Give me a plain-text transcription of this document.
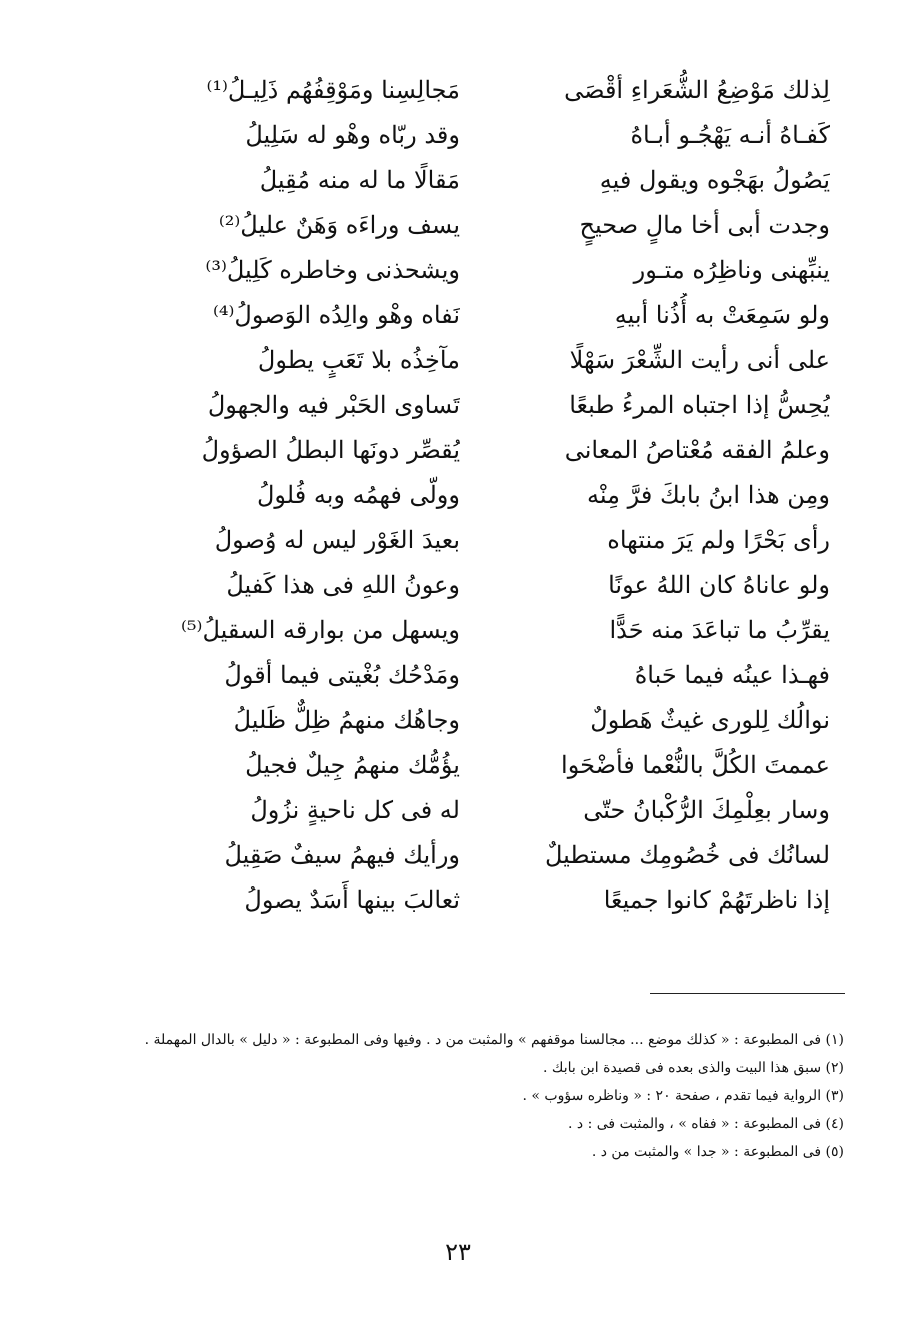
لِذلك مَوْضِعُ الشُّعَراءِ أقْصَى
مَجالِسِنا ومَوْقِفُهُم ذَلِيـلُ⁽¹⁾
كَفـاهُ أنـه يَهْجُـو أبـاهُ
وقد ربّاه وهْو له سَلِيلُ
يَصُولُ بهَجْوه ويقول فيهِ
مَقالًا ما له منه مُقِيلُ
وجدت أبى أخا مالٍ صحيحٍ
يسف وراءَه وَهَنٌ عليلُ⁽²⁾
ينبِّهنى وناظِرُه متـور
ويشحذنى وخاطره كَلِيلُ⁽³⁾
ولو سَمِعَتْ به أُذُنا أبيهِ
نَفاه وهْو والِدُه الوَصولُ⁽⁴⁾
على أنى رأيت الشِّعْرَ سَهْلًا
مآخِذُه بلا تَعَبٍ يطولُ
يُحِسُّ إذا اجتباه المرءُ طبعًا
تَساوى الحَبْر فيه والجهولُ
وعلمُ الفقه مُعْتاصُ المعانى
يُقصِّر دونَها البطلُ الصؤولُ
ومِن هذا ابنُ بابكَ فرَّ مِنْه
وولّى فهمُه وبه فُلولُ
رأى بَحْرًا ولم يَرَ منتهاه
بعيدَ الغَوْر ليس له وُصولُ
ولو عاناهُ كان اللهُ عونًا
وعونُ اللهِ فى هذا كَفيلُ
يقرِّبُ ما تباعَدَ منه حَدًّا
ويسهل من بوارقه السقيلُ⁽⁵⁾
فهـذا عينُه فيما حَباهُ
ومَدْحُك بُغْيتى فيما أقولُ
نوالُك لِلورى غيثٌ هَطولٌ
وجاهُك منهمُ ظِلٌّ ظَليلُ
عممتَ الكُلَّ بالنُّعْما فأضْحَوا
يؤُمُّك منهمُ جِيلٌ فجيلُ
وسار بعِلْمِكَ الرُّكْبانُ حتّى
له فى كل ناحيةٍ نزُولُ
لسانُك فى خُصُومِك مستطيلٌ
ورأيك فيهمُ سيفٌ صَقِيلُ
إذا ناظرتَهُمْ كانوا جميعًا
ثعالبَ بينها أَسَدٌ يصولُ
(١) فى المطبوعة : « كذلك موضع ... مجالسنا موقفهم » والمثبت من د . وفيها وفى المطبوعة : « دليل » بالدال المهملة .
(٢) سبق هذا البيت والذى بعده فى قصيدة ابن بابك .
(٣) الرواية فيما تقدم ، صفحة ٢٠ : « وناظره سؤوب » .
(٤) فى المطبوعة : « ففاه » ، والمثبت فى : د .
(٥) فى المطبوعة : « جدا » والمثبت من د .
٢٣
